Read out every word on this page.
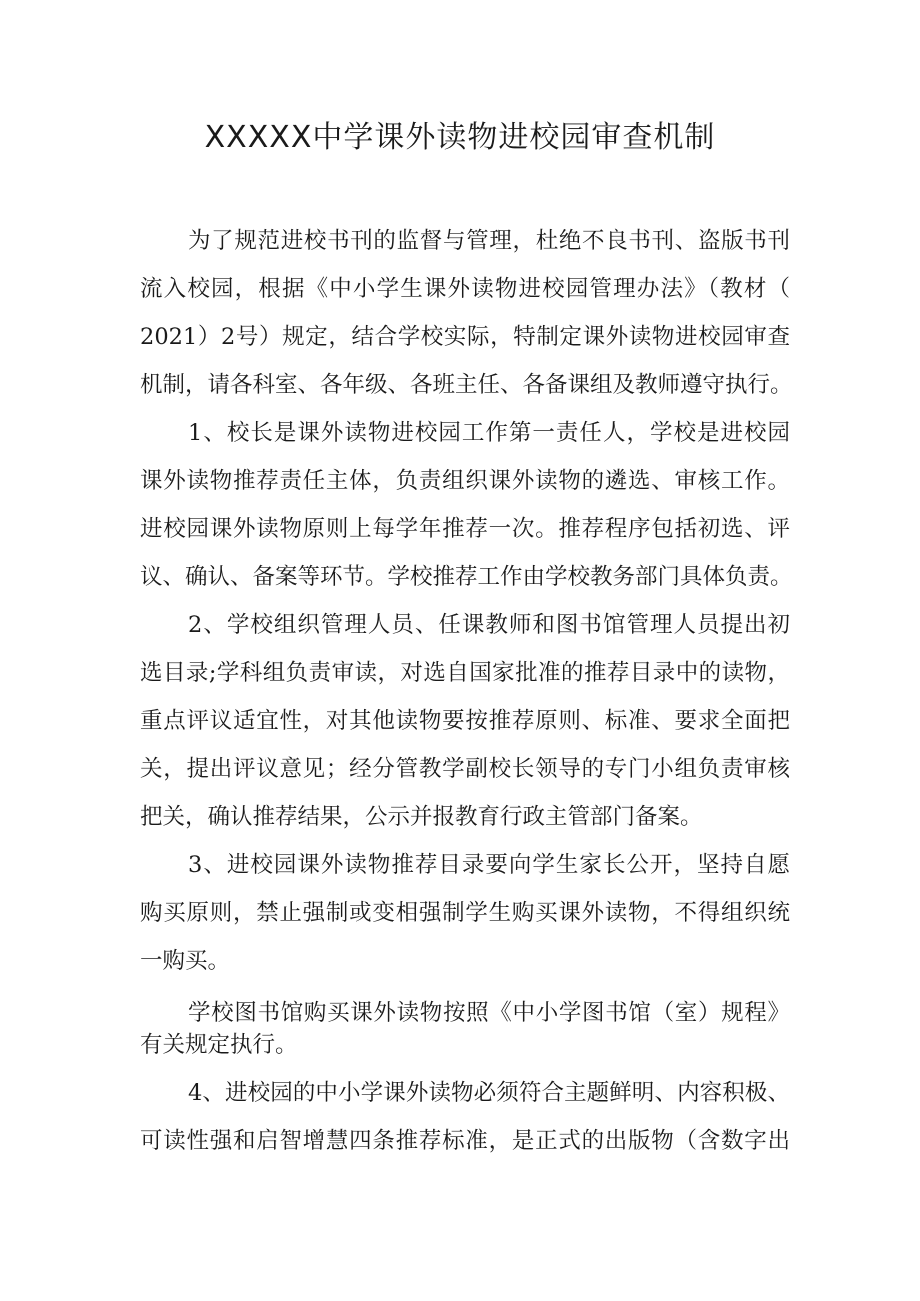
XXXXX中学课外读物进校园审查机制

为了规范进校书刊的监督与管理，杜绝不良书刊、盗版书刊

流入校园，根据《中小学生课外读物进校园管理办法》（教材（

2021）2号）规定，结合学校实际，特制定课外读物进校园审查

机制，请各科室、各年级、各班主任、各备课组及教师遵守执行。

1、校长是课外读物进校园工作第一责任人，学校是进校园

课外读物推荐责任主体，负责组织课外读物的遴选、审核工作。

进校园课外读物原则上每学年推荐一次。推荐程序包括初选、评

议、确认、备案等环节。学校推荐工作由学校教务部门具体负责。

2、学校组织管理人员、任课教师和图书馆管理人员提出初

选目录;学科组负责审读，对选自国家批准的推荐目录中的读物，

重点评议适宜性，对其他读物要按推荐原则、标准、要求全面把

关，提出评议意见；经分管教学副校长领导的专门小组负责审核

把关，确认推荐结果，公示并报教育行政主管部门备案。

3、进校园课外读物推荐目录要向学生家长公开，坚持自愿

购买原则，禁止强制或变相强制学生购买课外读物，不得组织统

一购买。

学校图书馆购买课外读物按照《中小学图书馆（室）规程》

有关规定执行。

4、进校园的中小学课外读物必须符合主题鲜明、内容积极、

可读性强和启智增慧四条推荐标准，是正式的出版物（含数字出
